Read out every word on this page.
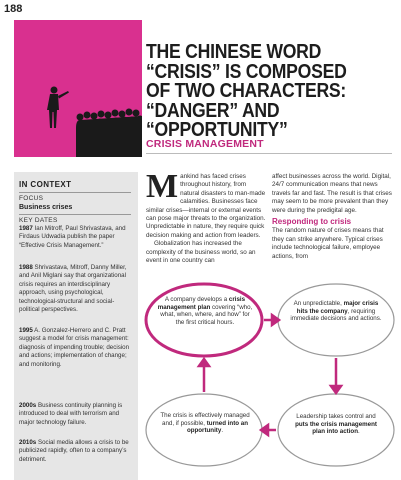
188
THE CHINESE WORD
“CRISIS” IS COMPOSED
OF TWO CHARACTERS:
“DANGER” AND
“OPPORTUNITY”
CRISIS MANAGEMENT
IN CONTEXT
FOCUS
Business crises
KEY DATES
1987 Ian Mitroff, Paul Shrivastava, and Firdaus Udwadia publish the paper “Effective Crisis Management.”
1988 Shrivastava, Mitroff, Danny Miller, and Anil Miglani say that organizational crisis requires an interdisciplinary approach, using psychological, technological-structural and social-political perspectives.
1995 A. Gonzalez-Herrero and C. Pratt suggest a model for crisis management: diagnosis of impending trouble; decision and actions; implementation of change; and monitoring.
2000s Business continuity planning is introduced to deal with terrorism and major technology failure.
2010s Social media allows a crisis to be publicized rapidly, often to a company’s detriment.
Mankind has faced crises throughout history, from natural disasters to man-made calamities. Businesses face similar crises—internal or external events can pose major threats to the organization. Unpredictable in nature, they require quick decision making and action from leaders.
Globalization has increased the complexity of the business world, so an event in one country can
affect businesses across the world. Digital, 24/7 communication means that news travels far and fast. The result is that crises may seem to be more prevalent than they were during the predigital age.
Responding to crisis
The random nature of crises means that they can strike anywhere. Typical crises include technological failure, employee actions, from
A company develops a crisis management plan covering “who, what, when, where, and how” for the first critical hours.
An unpredictable, major crisis hits the company, requiring immediate decisions and actions.
The crisis is effectively managed and, if possible, turned into an opportunity.
Leadership takes control and puts the crisis management plan into action.
